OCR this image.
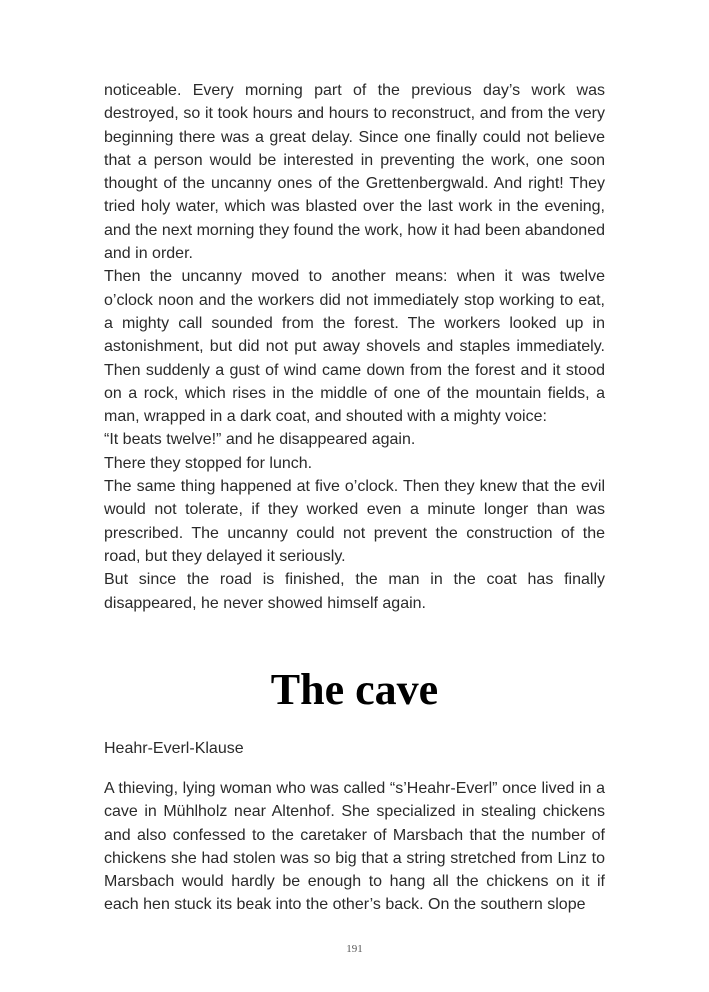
noticeable. Every morning part of the previous day’s work was destroyed, so it took hours and hours to reconstruct, and from the very beginning there was a great delay. Since one finally could not believe that a person would be interested in preventing the work, one soon thought of the uncanny ones of the Grettenbergwald. And right! They tried holy water, which was blasted over the last work in the evening, and the next morning they found the work, how it had been abandoned and in order.

Then the uncanny moved to another means: when it was twelve o’clock noon and the workers did not immediately stop working to eat, a mighty call sounded from the forest. The workers looked up in astonishment, but did not put away shovels and staples immediately. Then suddenly a gust of wind came down from the forest and it stood on a rock, which rises in the middle of one of the mountain fields, a man, wrapped in a dark coat, and shouted with a mighty voice:

“It beats twelve!” and he disappeared again.

There they stopped for lunch.

The same thing happened at five o’clock. Then they knew that the evil would not tolerate, if they worked even a minute longer than was prescribed. The uncanny could not prevent the construction of the road, but they delayed it seriously.

But since the road is finished, the man in the coat has finally disappeared, he never showed himself again.

The cave

Heahr-Everl-Klause

A thieving, lying woman who was called “s’Heahr-Everl” once lived in a cave in Mühlholz near Altenhof. She specialized in stealing chickens and also confessed to the caretaker of Marsbach that the number of chickens she had stolen was so big that a string stretched from Linz to Marsbach would hardly be enough to hang all the chickens on it if each hen stuck its beak into the other’s back. On the southern slope

191
